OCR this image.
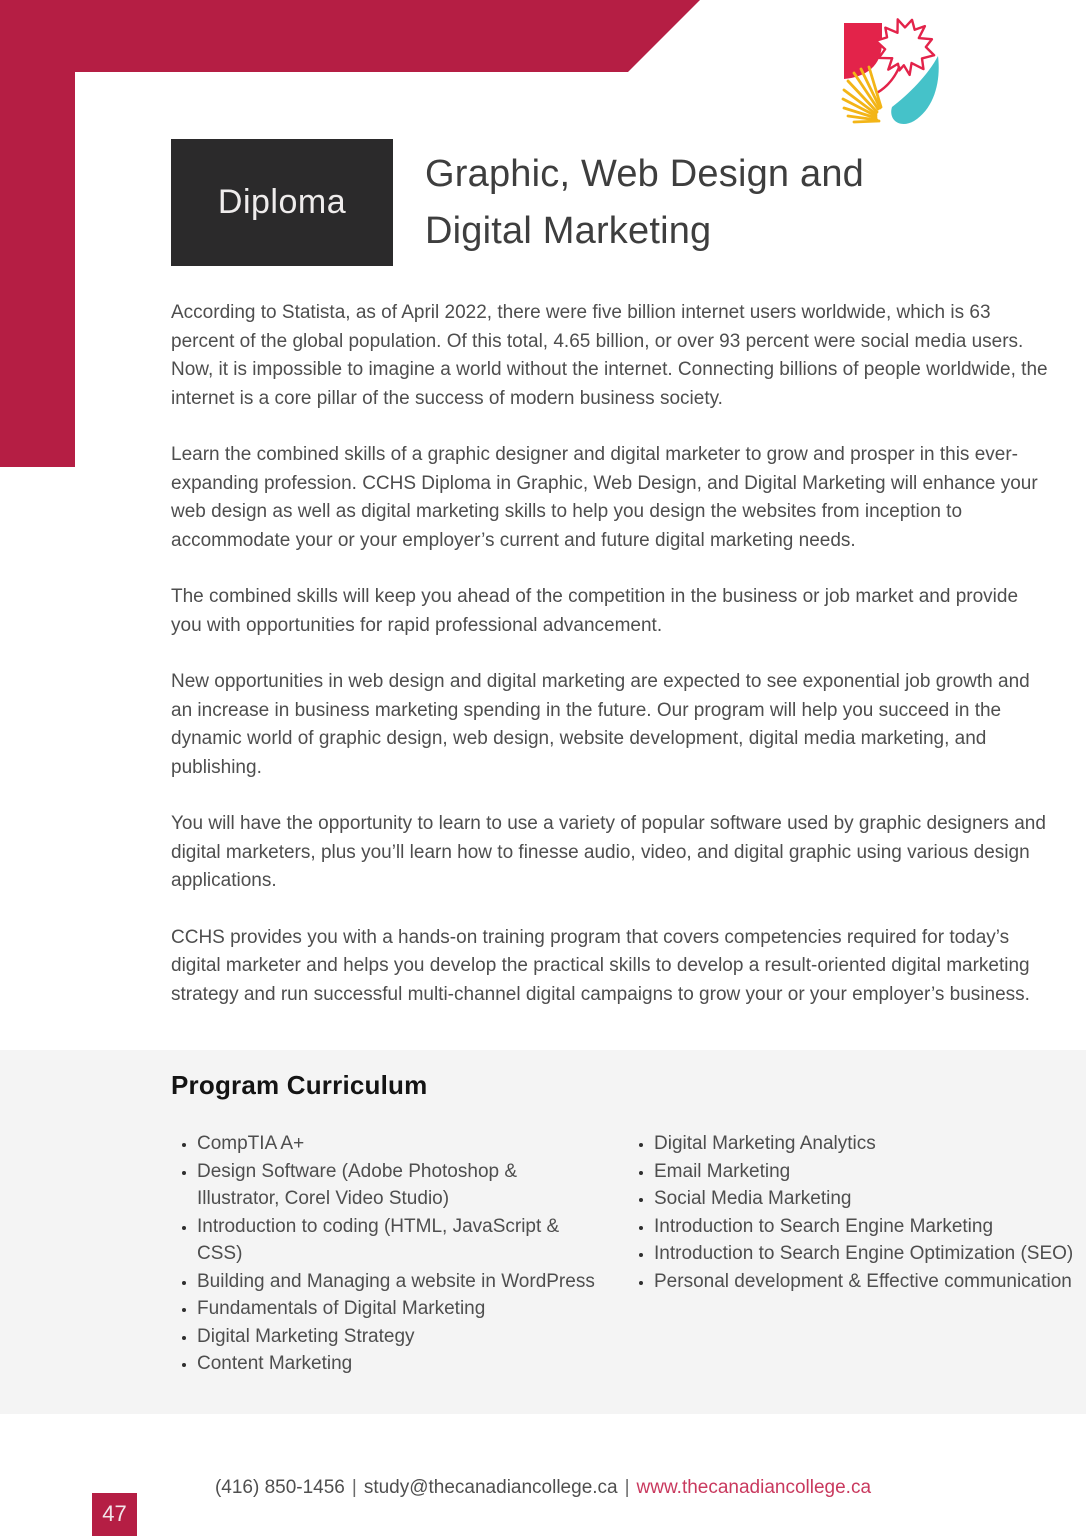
Diploma
Graphic, Web Design and
Digital Marketing

According to Statista, as of April 2022, there were five billion internet users worldwide, which is 63 percent of the global population. Of this total, 4.65 billion, or over 93 percent were social media users. Now, it is impossible to imagine a world without the internet. Connecting billions of people worldwide, the internet is a core pillar of the success of modern business society.

Learn the combined skills of a graphic designer and digital marketer to grow and prosper in this ever-expanding profession. CCHS Diploma in Graphic, Web Design, and Digital Marketing will enhance your web design as well as digital marketing skills to help you design the websites from inception to accommodate your or your employer’s current and future digital marketing needs.

The combined skills will keep you ahead of the competition in the business or job market and provide you with opportunities for rapid professional advancement.

New opportunities in web design and digital marketing are expected to see exponential job growth and an increase in business marketing spending in the future. Our program will help you succeed in the dynamic world of graphic design, web design, website development, digital media marketing, and publishing.

You will have the opportunity to learn to use a variety of popular software used by graphic designers and digital marketers, plus you’ll learn how to finesse audio, video, and digital graphic using various design applications.

CCHS provides you with a hands-on training program that covers competencies required for today’s digital marketer and helps you develop the practical skills to develop a result-oriented digital marketing strategy and run successful multi-channel digital campaigns to grow your or your employer’s business.

Program Curriculum
• CompTIA A+
• Design Software (Adobe Photoshop & Illustrator, Corel Video Studio)
• Introduction to coding (HTML, JavaScript & CSS)
• Building and Managing a website in WordPress
• Fundamentals of Digital Marketing
• Digital Marketing Strategy
• Content Marketing
• Digital Marketing Analytics
• Email Marketing
• Social Media Marketing
• Introduction to Search Engine Marketing
• Introduction to Search Engine Optimization (SEO)
• Personal development & Effective communication
(416) 850-1456 | study@thecanadiancollege.ca | www.thecanadiancollege.ca
47
